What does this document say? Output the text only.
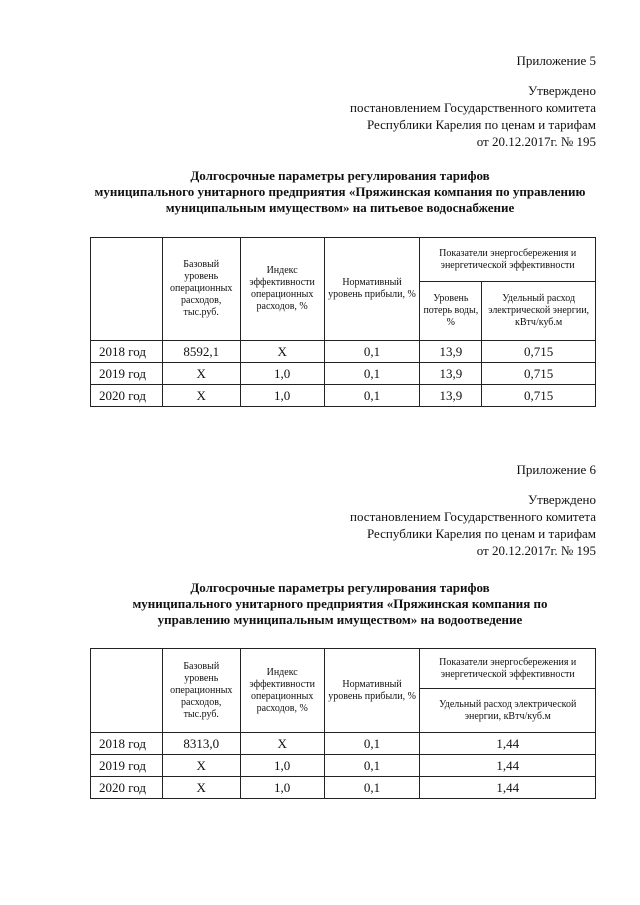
Приложение 5
Утверждено
постановлением Государственного комитета
Республики Карелия по ценам и тарифам
от 20.12.2017г. № 195
Долгосрочные параметры регулирования тарифов
муниципального унитарного предприятия «Пряжинская компания по управлению
муниципальным имуществом» на питьевое водоснабжение
	Базовый уровень операционных расходов, тыс.руб.	Индекс эффективности операционных расходов, %	Нормативный уровень прибыли, %	Показатели энергосбережения и энергетической эффективности	
				Уровень потерь воды, %	Удельный расход электрической энергии, кВтч/куб.м
2018 год	8592,1	Х	0,1	13,9	0,715
2019 год	Х	1,0	0,1	13,9	0,715
2020 год	Х	1,0	0,1	13,9	0,715
Приложение 6
Утверждено
постановлением Государственного комитета
Республики Карелия по ценам и тарифам
от 20.12.2017г. № 195
Долгосрочные параметры регулирования тарифов
муниципального унитарного предприятия «Пряжинская компания по
управлению муниципальным имуществом» на водоотведение
	Базовый уровень операционных расходов, тыс.руб.	Индекс эффективности операционных расходов, %	Нормативный уровень прибыли, %	Показатели энергосбережения и энергетической эффективности
				Удельный расход электрической энергии, кВтч/куб.м
2018 год	8313,0	Х	0,1	1,44
2019 год	Х	1,0	0,1	1,44
2020 год	Х	1,0	0,1	1,44
